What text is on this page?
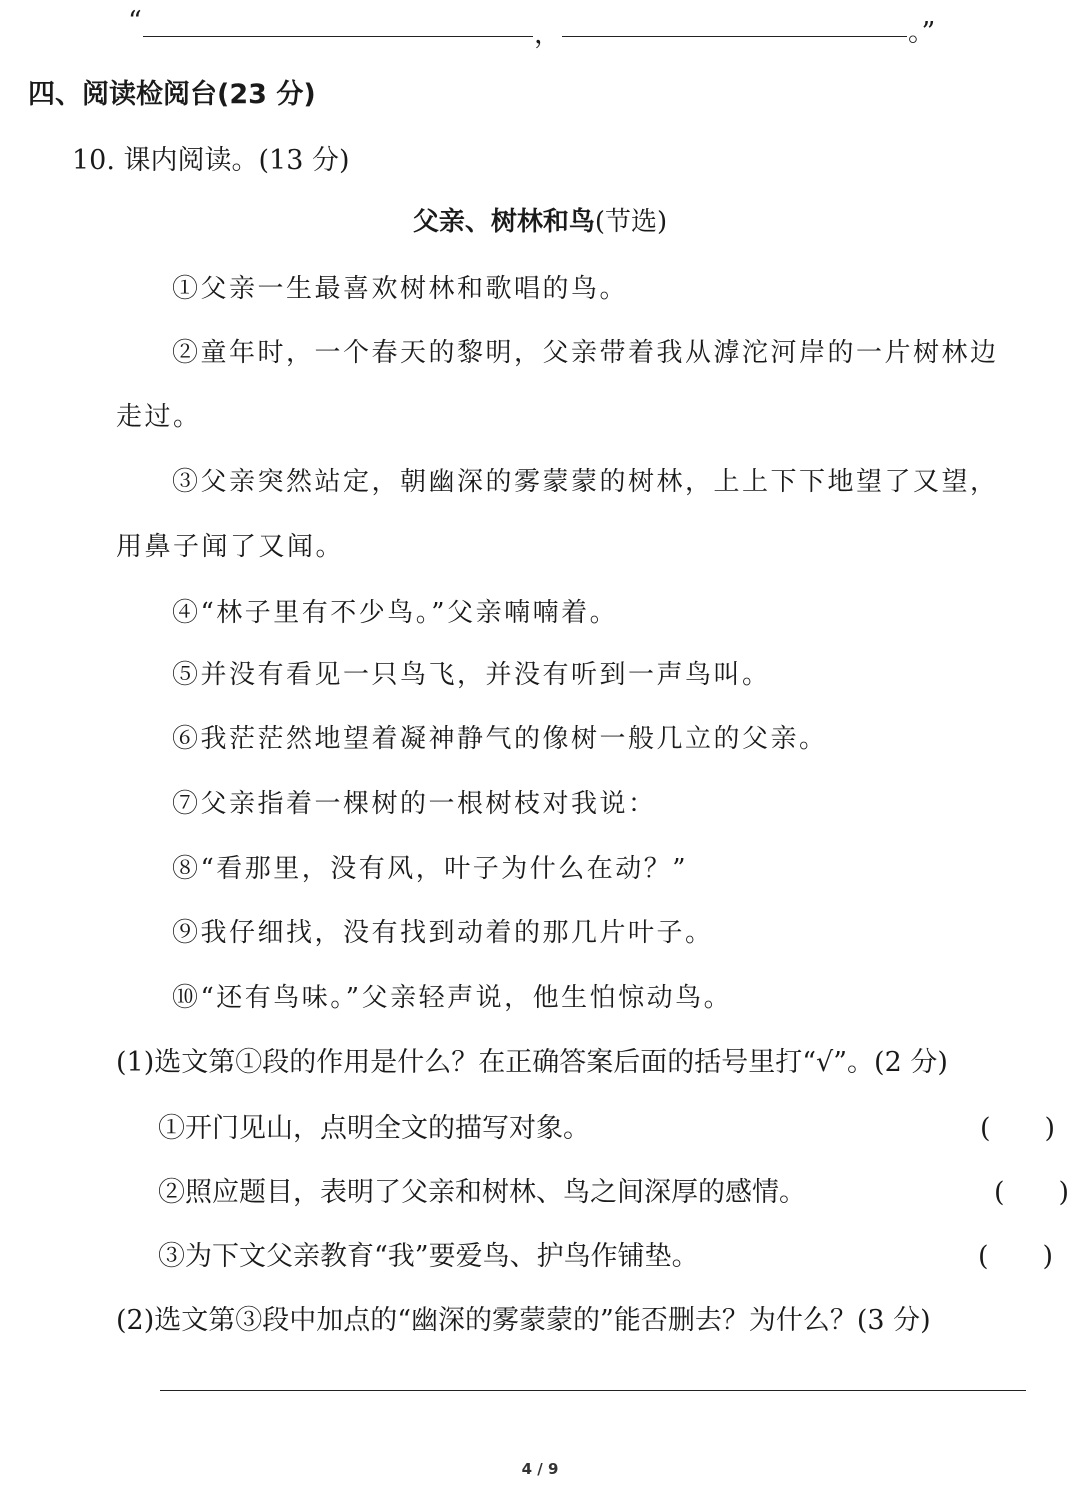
“	，	。”
四、阅读检阅台(23 分)
10. 课内阅读。(13 分)
父亲、树林和鸟(节选)
①父亲一生最喜欢树林和歌唱的鸟。
②童年时，一个春天的黎明，父亲带着我从滹沱河岸的一片树林边
走过。
③父亲突然站定，朝幽深的雾蒙蒙的树林，上上下下地望了又望，
用鼻子闻了又闻。
④“林子里有不少鸟。”父亲喃喃着。
⑤并没有看见一只鸟飞，并没有听到一声鸟叫。
⑥我茫茫然地望着凝神静气的像树一般几立的父亲。
⑦父亲指着一棵树的一根树枝对我说：
⑧“看那里，没有风，叶子为什么在动？”
⑨我仔细找，没有找到动着的那几片叶子。
⑩“还有鸟味。”父亲轻声说，他生怕惊动鸟。
(1)选文第①段的作用是什么？在正确答案后面的括号里打“√”。(2 分)
①开门见山，点明全文的描写对象。	(　　)
②照应题目，表明了父亲和树林、鸟之间深厚的感情。	(　　)
③为下文父亲教育“我”要爱鸟、护鸟作铺垫。	(　　)
(2)选文第③段中加点的“幽深的雾蒙蒙的”能否删去？为什么？(3 分)
4 / 9
